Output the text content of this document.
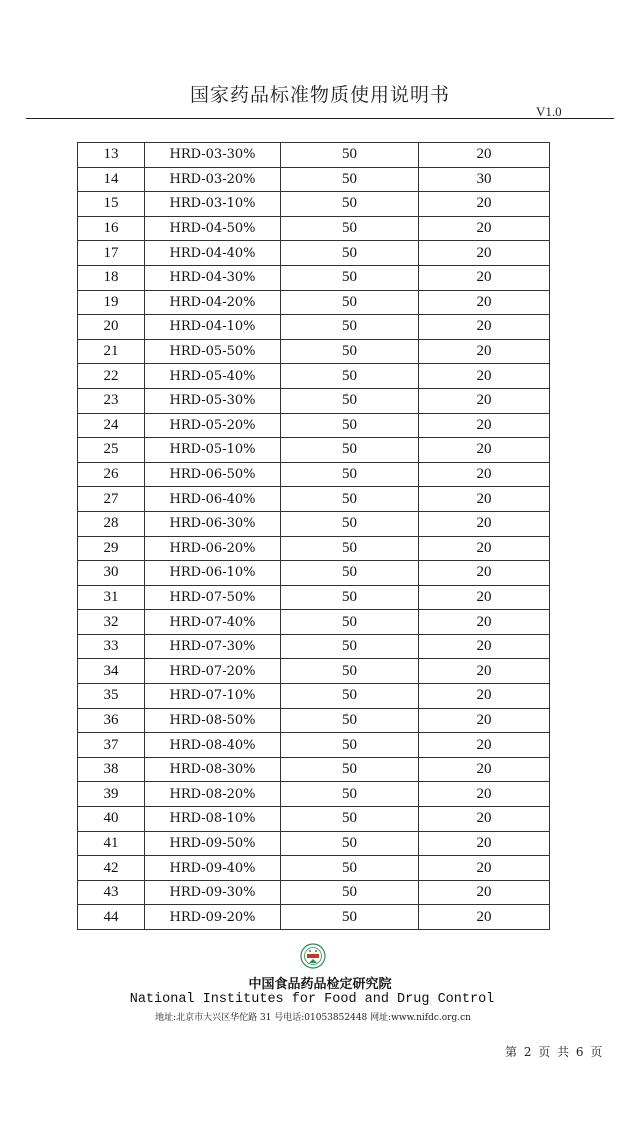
国家药品标准物质使用说明书
V1.0
13	HRD-03-30%	50	20
14	HRD-03-20%	50	30
15	HRD-03-10%	50	20
16	HRD-04-50%	50	20
17	HRD-04-40%	50	20
18	HRD-04-30%	50	20
19	HRD-04-20%	50	20
20	HRD-04-10%	50	20
21	HRD-05-50%	50	20
22	HRD-05-40%	50	20
23	HRD-05-30%	50	20
24	HRD-05-20%	50	20
25	HRD-05-10%	50	20
26	HRD-06-50%	50	20
27	HRD-06-40%	50	20
28	HRD-06-30%	50	20
29	HRD-06-20%	50	20
30	HRD-06-10%	50	20
31	HRD-07-50%	50	20
32	HRD-07-40%	50	20
33	HRD-07-30%	50	20
34	HRD-07-20%	50	20
35	HRD-07-10%	50	20
36	HRD-08-50%	50	20
37	HRD-08-40%	50	20
38	HRD-08-30%	50	20
39	HRD-08-20%	50	20
40	HRD-08-10%	50	20
41	HRD-09-50%	50	20
42	HRD-09-40%	50	20
43	HRD-09-30%	50	20
44	HRD-09-20%	50	20
中国食品药品检定研究院
National Institutes for Food and Drug Control
地址:北京市大兴区华佗路 31 号电话:01053852448 网址:www.nifdc.org.cn
第 2 页 共 6 页
